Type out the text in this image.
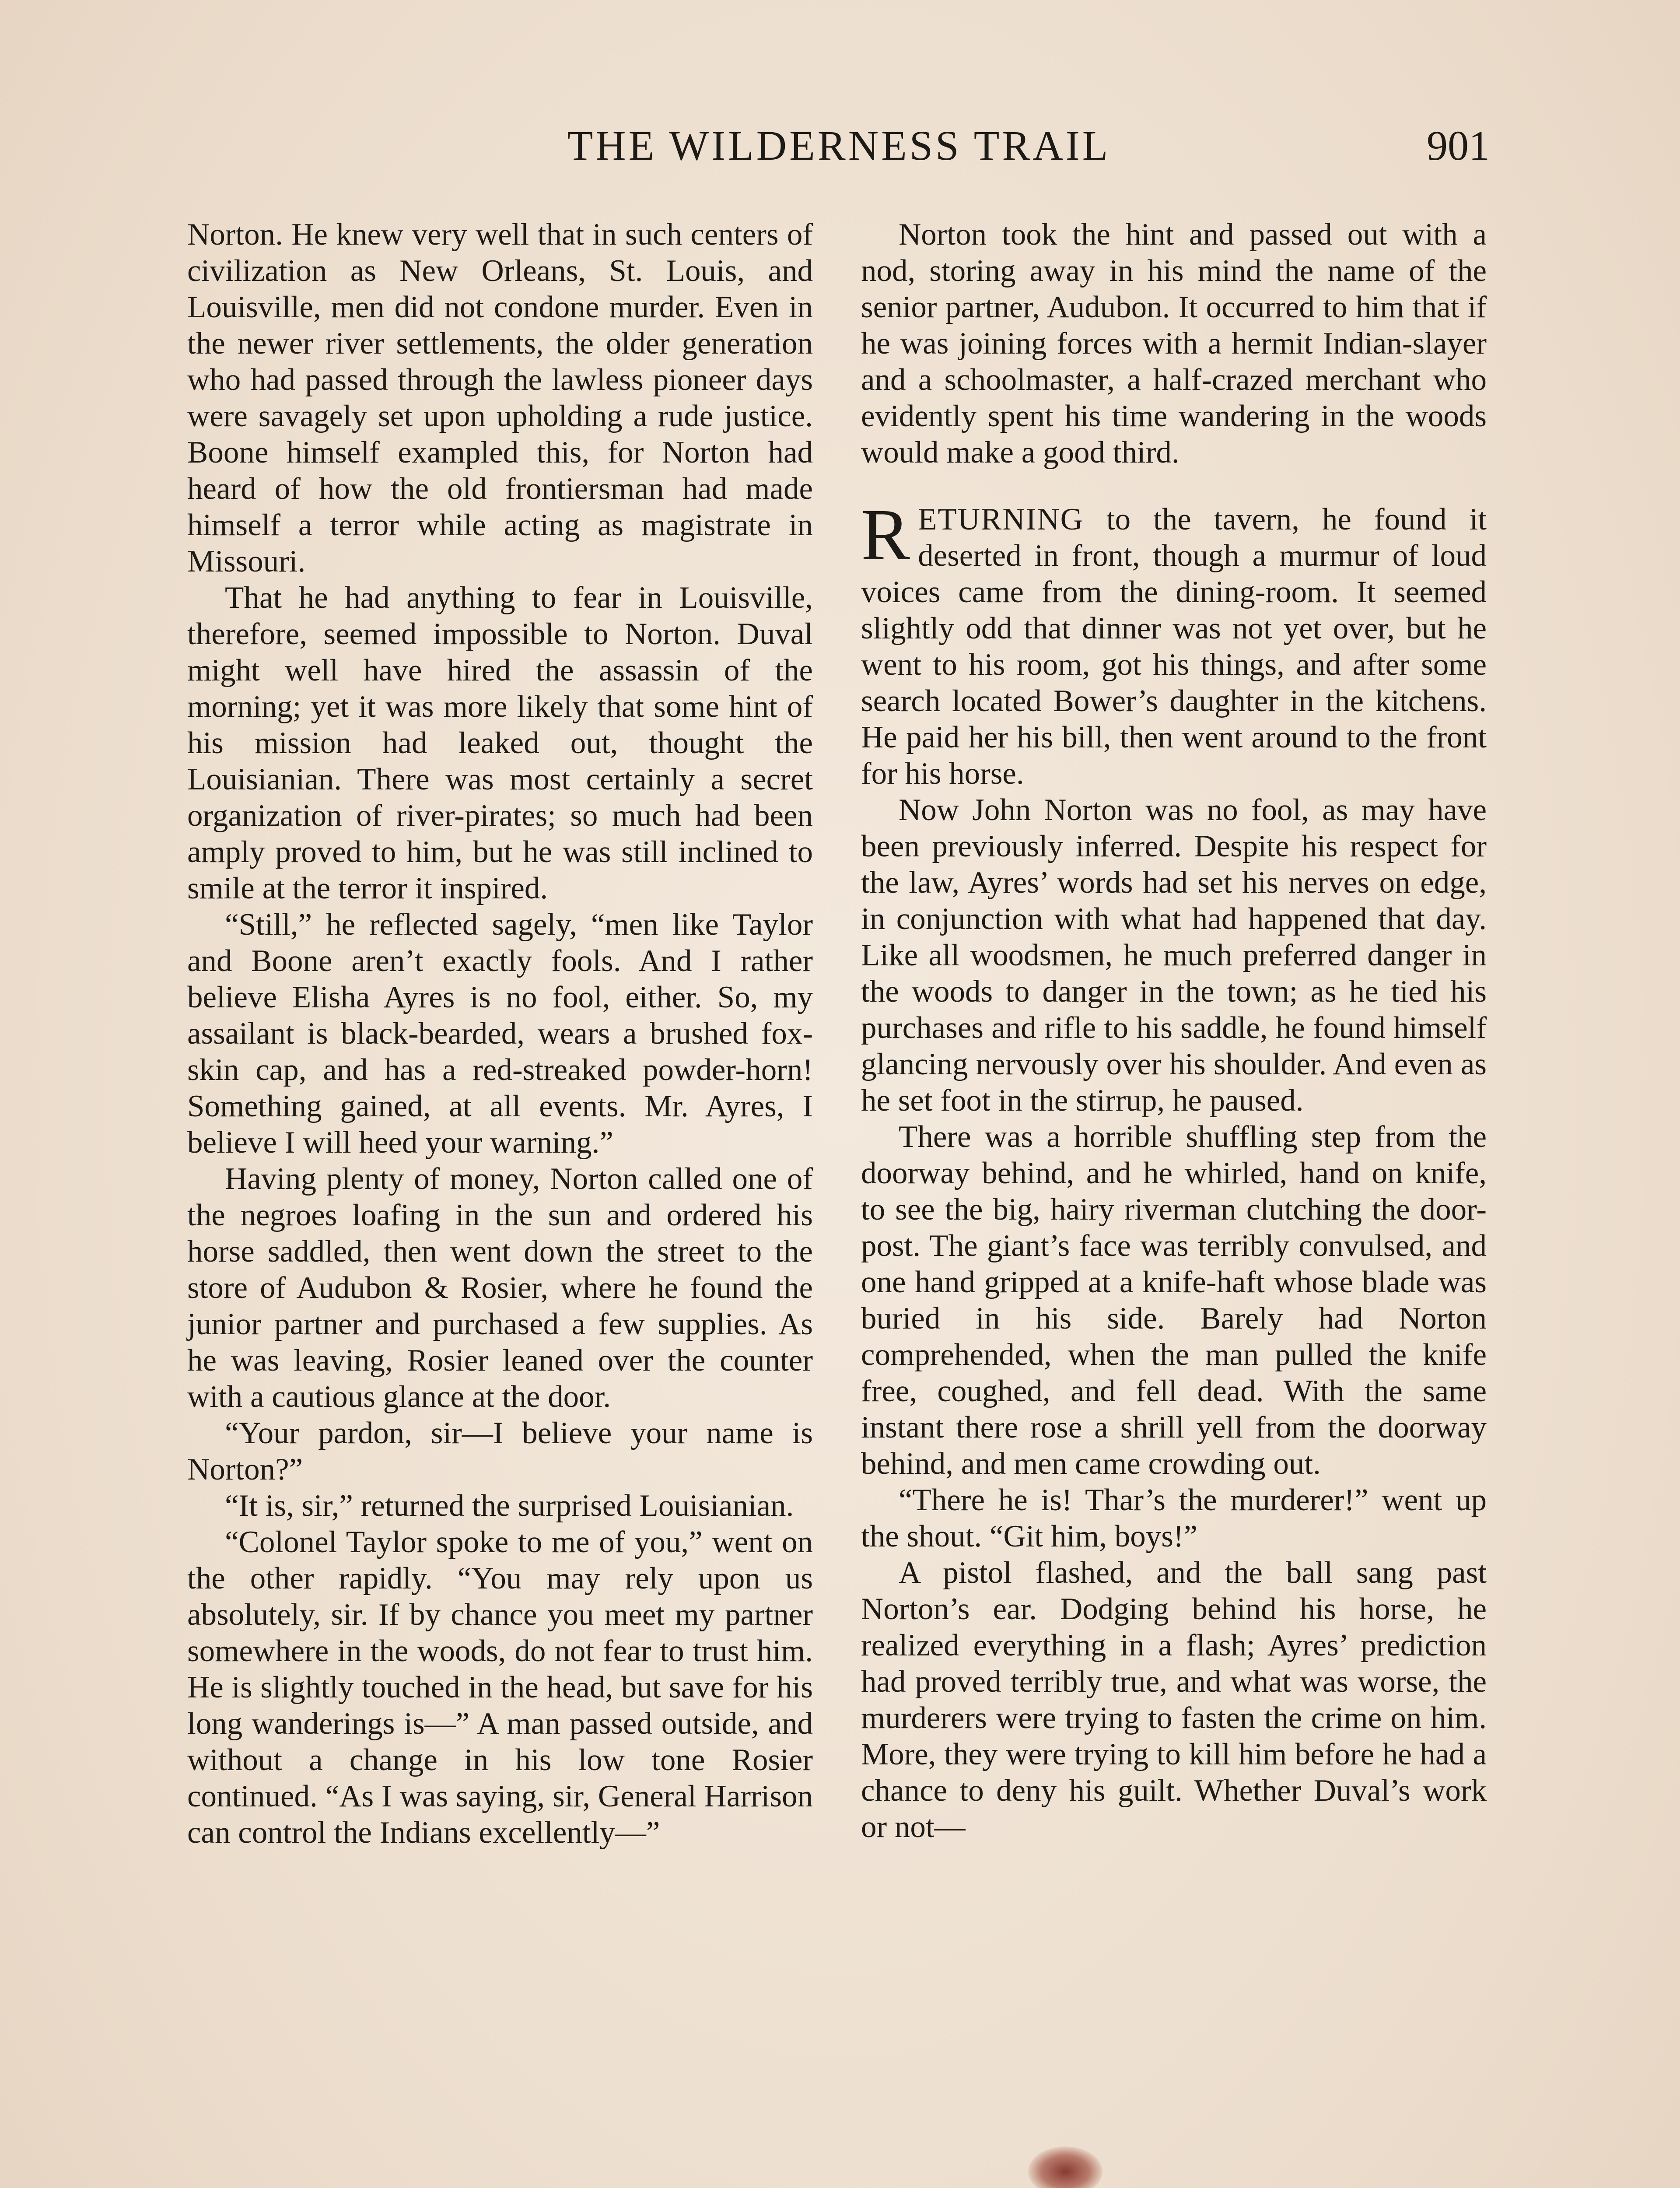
THE WILDERNESS TRAIL	901

Norton. He knew very well that in such centers of civilization as New Orleans, St. Louis, and Louisville, men did not condone murder. Even in the newer river settlements, the older generation who had passed through the lawless pioneer days were savagely set upon upholding a rude justice. Boone himself exampled this, for Norton had heard of how the old frontiersman had made himself a terror while acting as magistrate in Missouri.

That he had anything to fear in Louisville, therefore, seemed impossible to Norton. Duval might well have hired the assassin of the morning; yet it was more likely that some hint of his mission had leaked out, thought the Louisianian. There was most certainly a secret organization of river-pirates; so much had been amply proved to him, but he was still inclined to smile at the terror it inspired.

“Still,” he reflected sagely, “men like Taylor and Boone aren’t exactly fools. And I rather believe Elisha Ayres is no fool, either. So, my assailant is black-bearded, wears a brushed fox-skin cap, and has a red-streaked powder-horn! Something gained, at all events. Mr. Ayres, I believe I will heed your warning.”

Having plenty of money, Norton called one of the negroes loafing in the sun and ordered his horse saddled, then went down the street to the store of Audubon & Rosier, where he found the junior partner and purchased a few supplies. As he was leaving, Rosier leaned over the counter with a cautious glance at the door.

“Your pardon, sir—I believe your name is Norton?”

“It is, sir,” returned the surprised Louisianian.

“Colonel Taylor spoke to me of you,” went on the other rapidly. “You may rely upon us absolutely, sir. If by chance you meet my partner somewhere in the woods, do not fear to trust him. He is slightly touched in the head, but save for his long wanderings is—” A man passed outside, and without a change in his low tone Rosier continued. “As I was saying, sir, General Harrison can control the Indians excellently—”

Norton took the hint and passed out with a nod, storing away in his mind the name of the senior partner, Audubon. It occurred to him that if he was joining forces with a hermit Indian-slayer and a schoolmaster, a half-crazed merchant who evidently spent his time wandering in the woods would make a good third.

RETURNING to the tavern, he found it deserted in front, though a murmur of loud voices came from the dining-room. It seemed slightly odd that dinner was not yet over, but he went to his room, got his things, and after some search located Bower’s daughter in the kitchens. He paid her his bill, then went around to the front for his horse.

Now John Norton was no fool, as may have been previously inferred. Despite his respect for the law, Ayres’ words had set his nerves on edge, in conjunction with what had happened that day. Like all woodsmen, he much preferred danger in the woods to danger in the town; as he tied his purchases and rifle to his saddle, he found himself glancing nervously over his shoulder. And even as he set foot in the stirrup, he paused.

There was a horrible shuffling step from the doorway behind, and he whirled, hand on knife, to see the big, hairy riverman clutching the door-post. The giant’s face was terribly convulsed, and one hand gripped at a knife-haft whose blade was buried in his side. Barely had Norton comprehended, when the man pulled the knife free, coughed, and fell dead. With the same instant there rose a shrill yell from the doorway behind, and men came crowding out.

“There he is! Thar’s the murderer!” went up the shout. “Git him, boys!”

A pistol flashed, and the ball sang past Norton’s ear. Dodging behind his horse, he realized everything in a flash; Ayres’ prediction had proved terribly true, and what was worse, the murderers were trying to fasten the crime on him. More, they were trying to kill him before he had a chance to deny his guilt. Whether Duval’s work or not—
